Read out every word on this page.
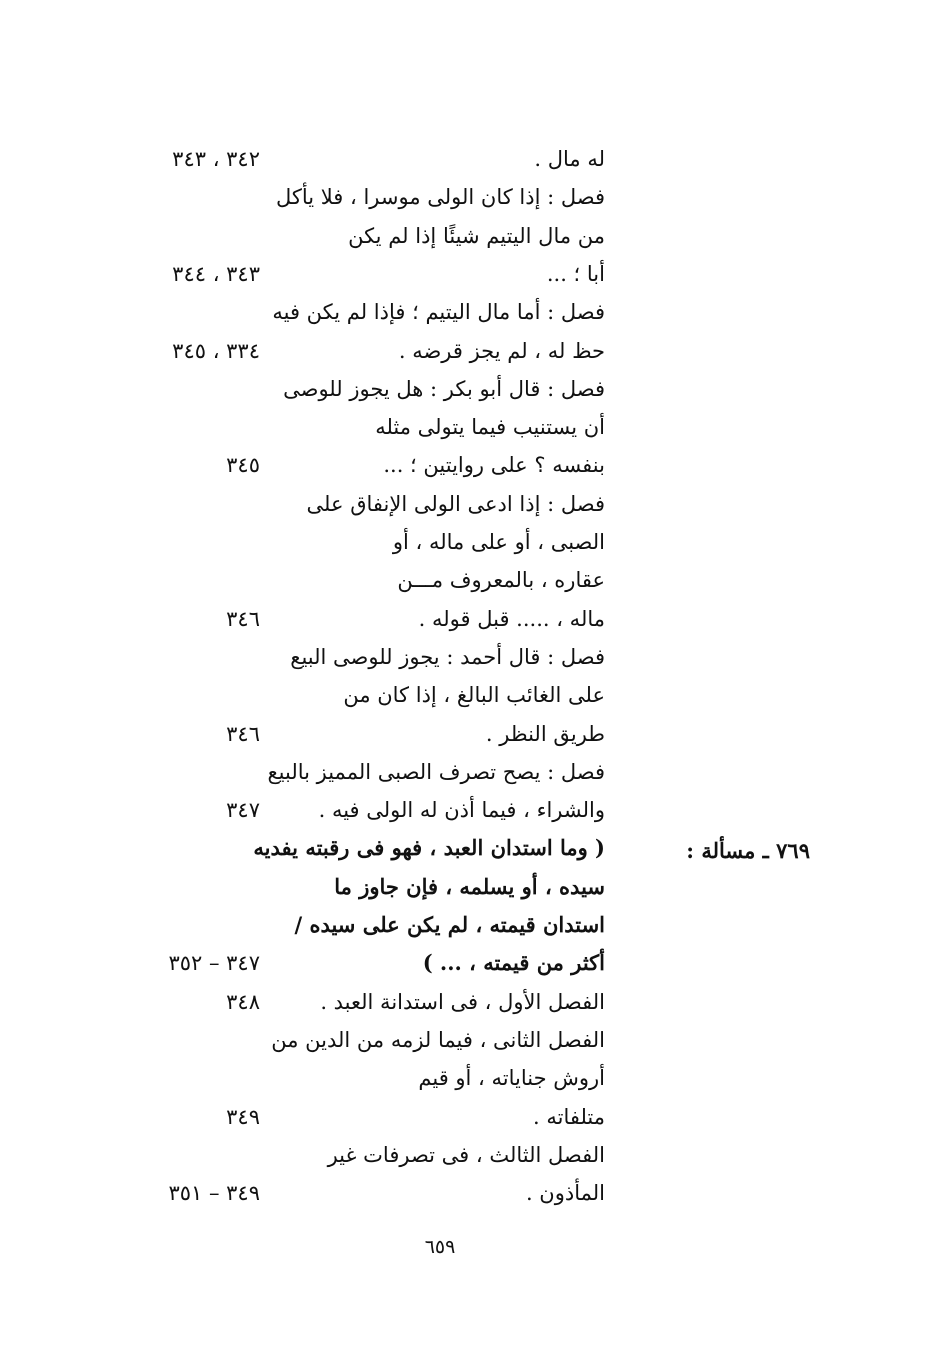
له مال .
٣٤٢ ، ٣٤٣
فصل : إذا كان الولى موسرا ، فلا يأكل
من مال اليتيم شيئًا إذا لم يكن
أبا ؛ ...
٣٤٣ ، ٣٤٤
فصل : أما مال اليتيم ؛ فإذا لم يكن فيه
حظ له ، لم يجز قرضه .
٣٣٤ ، ٣٤٥
فصل : قال أبو بكر : هل يجوز للوصى
أن يستنيب فيما يتولى مثله
بنفسه ؟ على روايتين ؛ ...
٣٤٥
فصل : إذا ادعى الولى الإنفاق على
الصبى ، أو على ماله ، أو
عقاره ، بالمعروف مـــن
ماله ، ..... قبل قوله .
٣٤٦
فصل : قال أحمد : يجوز للوصى البيع
على الغائب البالغ ، إذا كان من
طريق النظر .
٣٤٦
فصل : يصح تصرف الصبى المميز بالبيع
والشراء ، فيما أذن له الولى فيه .
٣٤٧
( وما استدان العبد ، فهو فى رقبته يفديه
سيده ، أو يسلمه ، فإن جاوز ما
استدان قيمته ، لم يكن على سيده /
أكثر من قيمته ، ... )
٣٤٧ – ٣٥٢
الفصل الأول ، فى استدانة العبد .
٣٤٨
الفصل الثانى ، فيما لزمه من الدين من
أروش جناياته ، أو قيم
متلفاته .
٣٤٩
الفصل الثالث ، فى تصرفات غير
المأذون .
٣٤٩ – ٣٥١
٧٦٩ ـ مسألة :
٦٥٩
